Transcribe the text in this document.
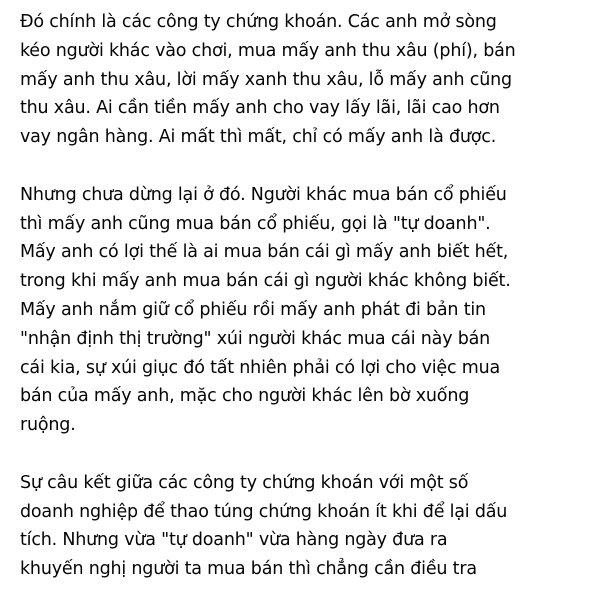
Đó chính là các công ty chứng khoán. Các anh mở sòng
kéo người khác vào chơi, mua mấy anh thu xâu (phí), bán
mấy anh thu xâu, lời mấy xanh thu xâu, lỗ mấy anh cũng
thu xâu. Ai cần tiền mấy anh cho vay lấy lãi, lãi cao hơn
vay ngân hàng. Ai mất thì mất, chỉ có mấy anh là được.
Nhưng chưa dừng lại ở đó. Người khác mua bán cổ phiếu
thì mấy anh cũng mua bán cổ phiếu, gọi là "tự doanh".
Mấy anh có lợi thế là ai mua bán cái gì mấy anh biết hết,
trong khi mấy anh mua bán cái gì người khác không biết.
Mấy anh nắm giữ cổ phiếu rồi mấy anh phát đi bản tin
"nhận định thị trường" xúi người khác mua cái này bán
cái kia, sự xúi giục đó tất nhiên phải có lợi cho việc mua
bán của mấy anh, mặc cho người khác lên bờ xuống
ruộng.
Sự câu kết giữa các công ty chứng khoán với một số
doanh nghiệp để thao túng chứng khoán ít khi để lại dấu
tích. Nhưng vừa "tự doanh" vừa hàng ngày đưa ra
khuyến nghị người ta mua bán thì chẳng cần điều tra
